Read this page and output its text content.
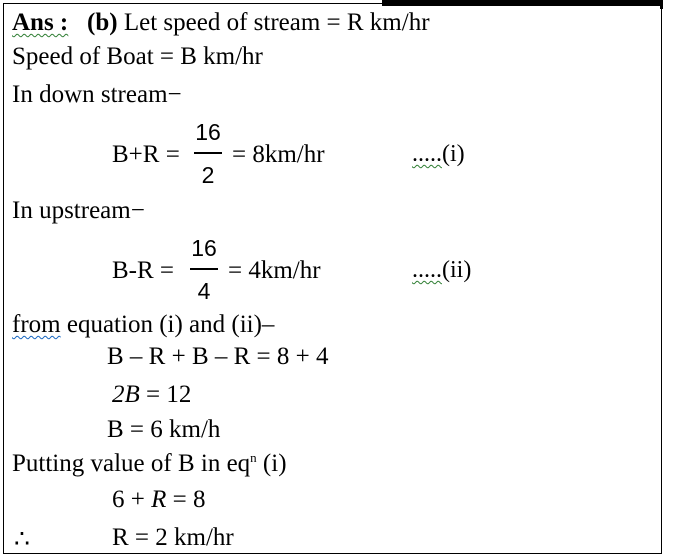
Ans : (b) Let speed of stream = R km/hr
Speed of Boat = B km/hr
In down stream−
B+R =
16
2
= 8km/hr	.....(i)
In upstream−
B-R =
16
4
= 4km/hr	.....(ii)
from equation (i) and (ii)–
B – R + B – R = 8 + 4
2B = 12
B = 6 km/h
Putting value of B in $eq^n$ (i)
6 + R = 8
∴	R = 2 km/hr
